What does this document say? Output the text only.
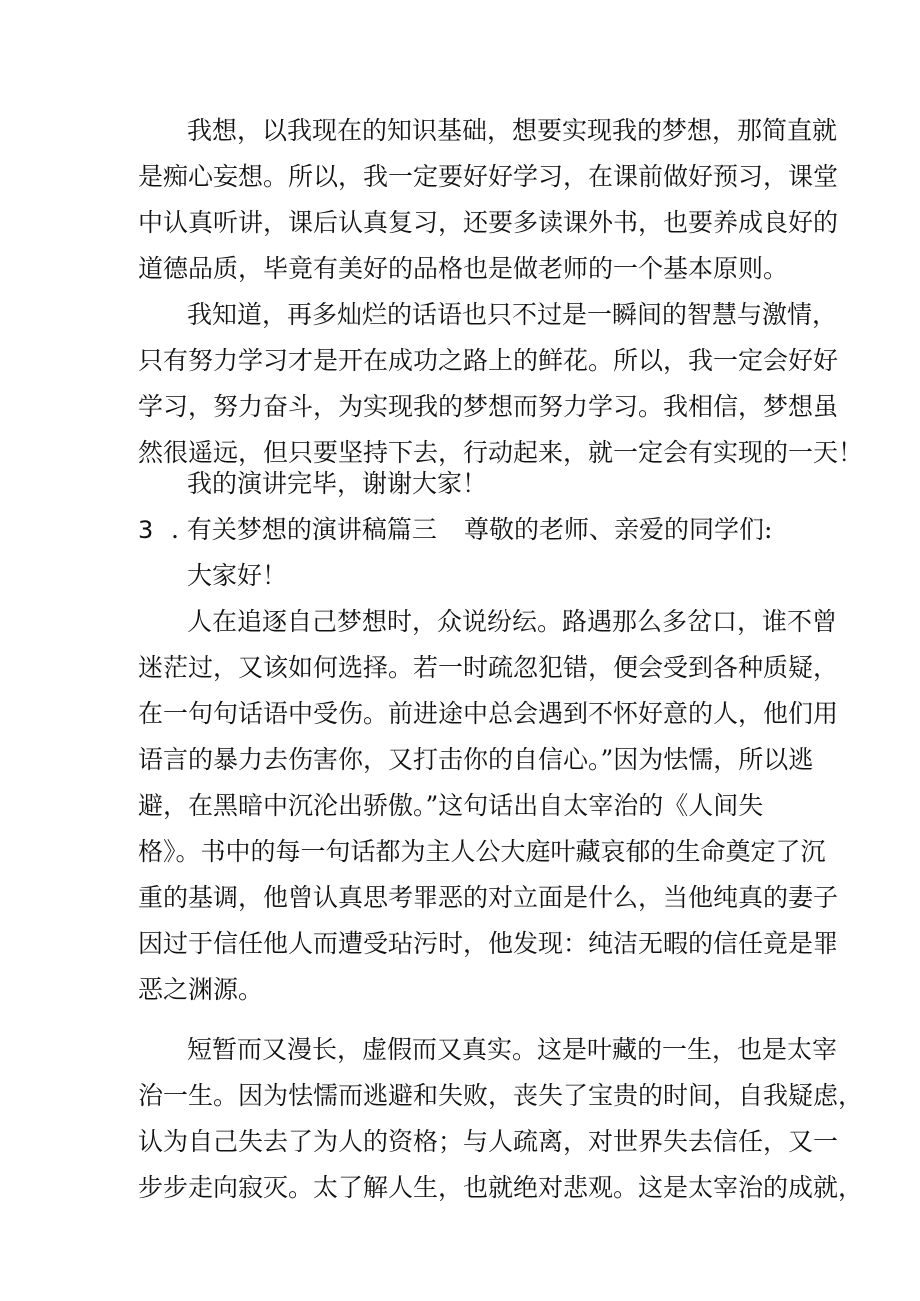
我想，以我现在的知识基础，想要实现我的梦想，那简直就
是痴心妄想。所以，我一定要好好学习，在课前做好预习，课堂
中认真听讲，课后认真复习，还要多读课外书，也要养成良好的
道德品质，毕竟有美好的品格也是做老师的一个基本原则。
我知道，再多灿烂的话语也只不过是一瞬间的智慧与激情，
只有努力学习才是开在成功之路上的鲜花。所以，我一定会好好
学习，努力奋斗，为实现我的梦想而努力学习。我相信，梦想虽
然很遥远，但只要坚持下去，行动起来，就一定会有实现的一天！
我的演讲完毕，谢谢大家！
3 . 有关梦想的演讲稿篇三 尊敬的老师、亲爱的同学们:
大家好！
人在追逐自己梦想时，众说纷纭。路遇那么多岔口，谁不曾
迷茫过，又该如何选择。若一时疏忽犯错，便会受到各种质疑，
在一句句话语中受伤。前进途中总会遇到不怀好意的人，他们用
语言的暴力去伤害你，又打击你的自信心。”因为怯懦，所以逃
避，在黑暗中沉沦出骄傲。”这句话出自太宰治的《人间失
格》。书中的每一句话都为主人公大庭叶藏哀郁的生命奠定了沉
重的基调，他曾认真思考罪恶的对立面是什么，当他纯真的妻子
因过于信任他人而遭受玷污时，他发现：纯洁无暇的信任竟是罪
恶之渊源。
短暂而又漫长，虚假而又真实。这是叶藏的一生，也是太宰
治一生。因为怯懦而逃避和失败，丧失了宝贵的时间，自我疑虑，
认为自己失去了为人的资格；与人疏离，对世界失去信任，又一
步步走向寂灭。太了解人生，也就绝对悲观。这是太宰治的成就，
